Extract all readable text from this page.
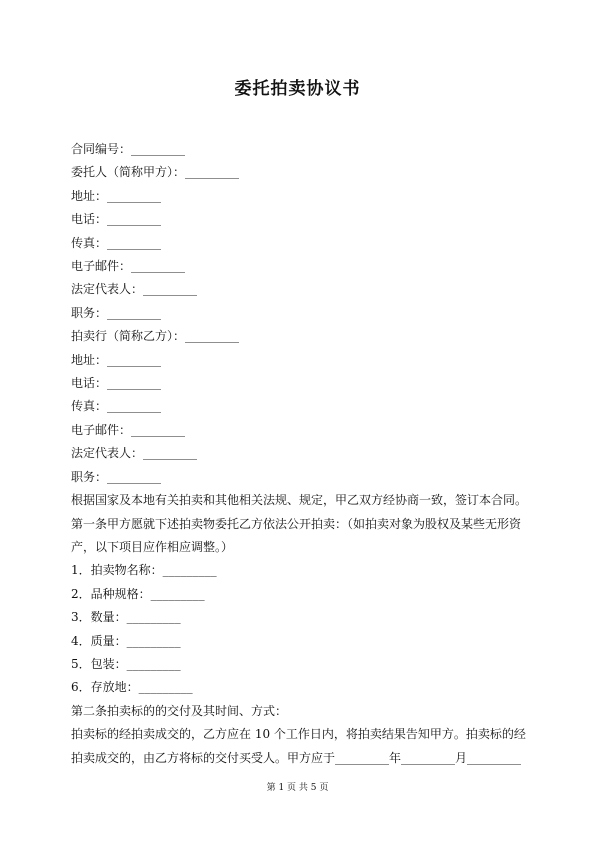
委托拍卖协议书
合同编号：_________
委托人（简称甲方）：_________
地址：_________
电话：_________
传真：_________
电子邮件：_________
法定代表人：_________
职务：_________
拍卖行（简称乙方）：_________
地址：_________
电话：_________
传真：_________
电子邮件：_________
法定代表人：_________
职务：_________
根据国家及本地有关拍卖和其他相关法规、规定，甲乙双方经协商一致，签订本合同。
第一条甲方愿就下述拍卖物委托乙方依法公开拍卖：（如拍卖对象为股权及某些无形资产，以下项目应作相应调整。）
1．拍卖物名称：_________
2．品种规格：_________
3．数量：_________
4．质量：_________
5．包装：_________
6．存放地：_________
第二条拍卖标的的交付及其时间、方式：
拍卖标的经拍卖成交的，乙方应在 10 个工作日内，将拍卖结果告知甲方。拍卖标的经拍卖成交的，由乙方将标的交付买受人。甲方应于_________年_________月_________
第 1 页 共 5 页
